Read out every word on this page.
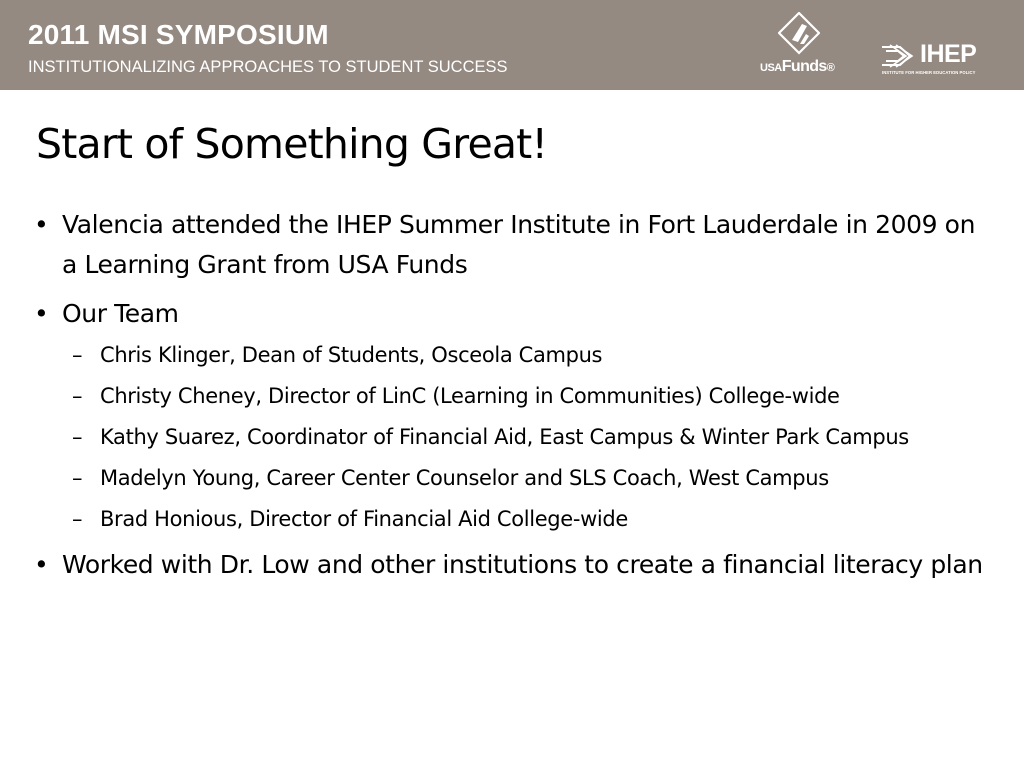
2011 MSI SYMPOSIUM
INSTITUTIONALIZING APPROACHES TO STUDENT SUCCESS	USAFunds®	IHEP
INSTITUTE FOR HIGHER EDUCATION POLICY
Start of Something Great!
• Valencia attended the IHEP Summer Institute in Fort Lauderdale in 2009 on a Learning Grant from USA Funds
• Our Team
– Chris Klinger, Dean of Students, Osceola Campus
– Christy Cheney, Director of LinC (Learning in Communities) College-wide
– Kathy Suarez, Coordinator of Financial Aid, East Campus & Winter Park Campus
– Madelyn Young, Career Center Counselor and SLS Coach, West Campus
– Brad Honious, Director of Financial Aid College-wide
• Worked with Dr. Low and other institutions to create a financial literacy plan
